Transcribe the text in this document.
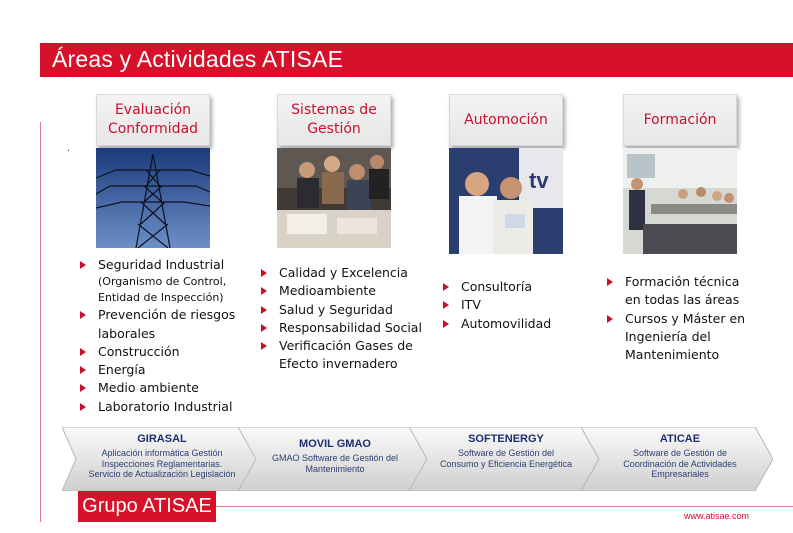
Áreas y Actividades ATISAE
.
Evaluación
Conformidad
Seguridad Industrial
(Organismo de Control, Entidad de Inspección)
Prevención de riesgos laborales
Construcción
Energía
Medio ambiente
Laboratorio Industrial
Sistemas de
Gestión
Calidad y Excelencia
Medioambiente
Salud y Seguridad
Responsabilidad Social
Verificación Gases de Efecto invernadero
Automoción
tv
Consultoría
ITV
Automovilidad
Formación
Formación técnica en todas las áreas
Cursos y Máster en Ingeniería del Mantenimiento
GIRASAL
Aplicación informática Gestión Inspecciones Reglamentarias. Servicio de Actualización Legislación
MOVIL GMAO
GMAO Software de Gestión del Mantenimiento
SOFTENERGY
Software de Gestión del Consumo y Eficiencia Energética
ATICAE
Software de Gestión de Coordinación de Actividades Empresariales
Grupo ATISAE	www.atisae.com
